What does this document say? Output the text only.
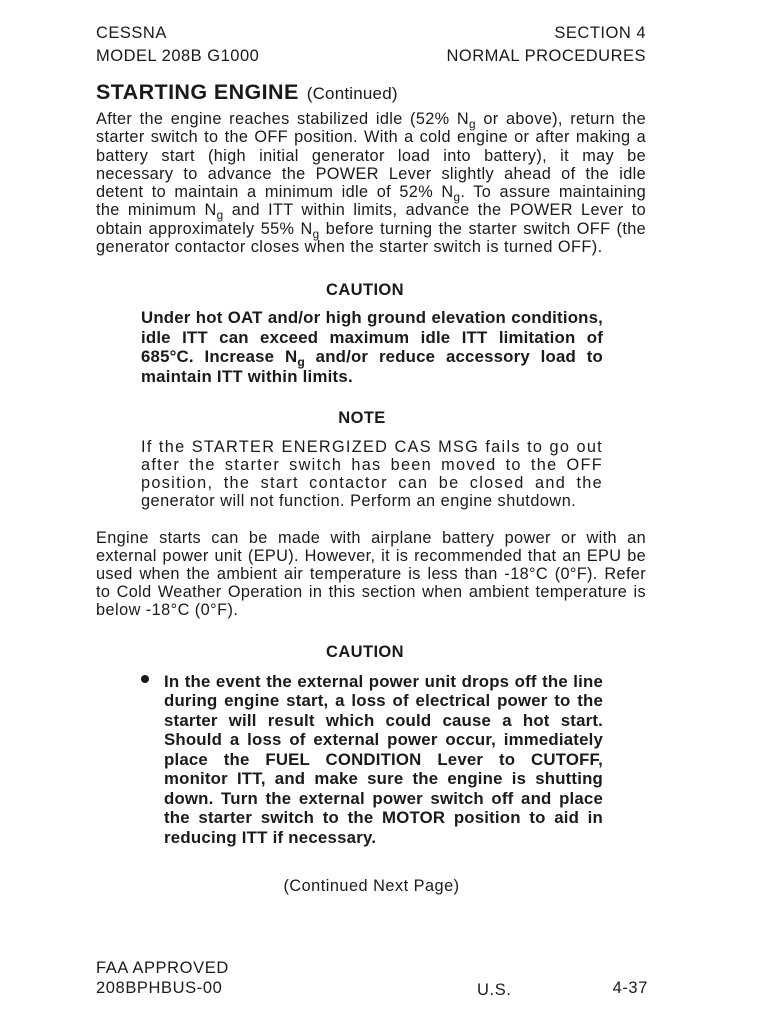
CESSNA
MODEL 208B G1000
SECTION 4
NORMAL PROCEDURES
STARTING ENGINE (Continued)
After the engine reaches stabilized idle (52% $N_g$ or above), return the
starter switch to the OFF position. With a cold engine or after making a
battery start (high initial generator load into battery), it may be
necessary to advance the POWER Lever slightly ahead of the idle
detent to maintain a minimum idle of 52% $N_g$. To assure maintaining
the minimum $N_g$ and ITT within limits, advance the POWER Lever to
obtain approximately 55% $N_g$ before turning the starter switch OFF (the
generator contactor closes when the starter switch is turned OFF).
CAUTION
Under hot OAT and/or high ground elevation conditions,
idle ITT can exceed maximum idle ITT limitation of
685°C. Increase $N_g$ and/or reduce accessory load to
maintain ITT within limits.
NOTE
If the STARTER ENERGIZED CAS MSG fails to go out
after the starter switch has been moved to the OFF
position, the start contactor can be closed and the
generator will not function. Perform an engine shutdown.
Engine starts can be made with airplane battery power or with an
external power unit (EPU). However, it is recommended that an EPU be
used when the ambient air temperature is less than -18°C (0°F). Refer
to Cold Weather Operation in this section when ambient temperature is
below -18°C (0°F).
CAUTION
In the event the external power unit drops off the line
during engine start, a loss of electrical power to the
starter will result which could cause a hot start.
Should a loss of external power occur, immediately
place the FUEL CONDITION Lever to CUTOFF,
monitor ITT, and make sure the engine is shutting
down. Turn the external power switch off and place
the starter switch to the MOTOR position to aid in
reducing ITT if necessary.
(Continued Next Page)
FAA APPROVED
208BPHBUS-00	U.S.	4-37
